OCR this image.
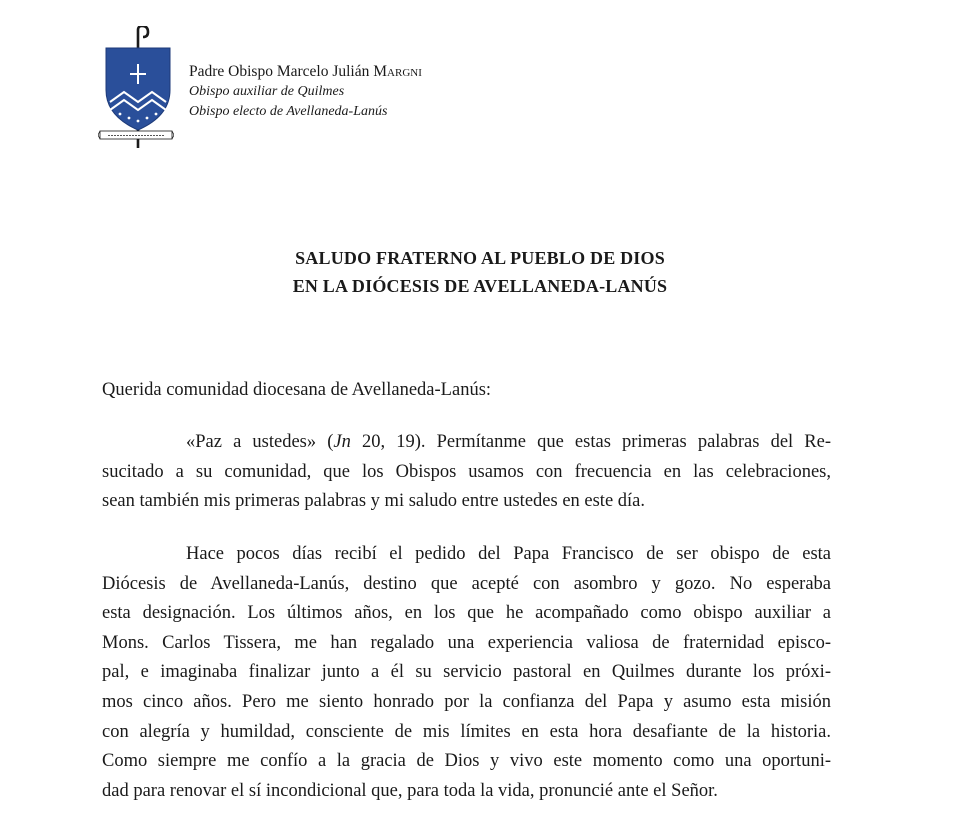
Padre Obispo Marcelo Julián Margni
Obispo auxiliar de Quilmes
Obispo electo de Avellaneda-Lanús
SALUDO FRATERNO AL PUEBLO DE DIOS
EN LA DIÓCESIS DE AVELLANEDA-LANÚS
Querida comunidad diocesana de Avellaneda-Lanús:
«Paz a ustedes» (Jn 20, 19). Permítanme que estas primeras palabras del Re-
sucitado a su comunidad, que los Obispos usamos con frecuencia en las celebraciones,
sean también mis primeras palabras y mi saludo entre ustedes en este día.
Hace pocos días recibí el pedido del Papa Francisco de ser obispo de esta
Diócesis de Avellaneda-Lanús, destino que acepté con asombro y gozo. No esperaba
esta designación. Los últimos años, en los que he acompañado como obispo auxiliar a
Mons. Carlos Tissera, me han regalado una experiencia valiosa de fraternidad episco-
pal, e imaginaba finalizar junto a él su servicio pastoral en Quilmes durante los próxi-
mos cinco años. Pero me siento honrado por la confianza del Papa y asumo esta misión
con alegría y humildad, consciente de mis límites en esta hora desafiante de la historia.
Como siempre me confío a la gracia de Dios y vivo este momento como una oportuni-
dad para renovar el sí incondicional que, para toda la vida, pronuncié ante el Señor.
